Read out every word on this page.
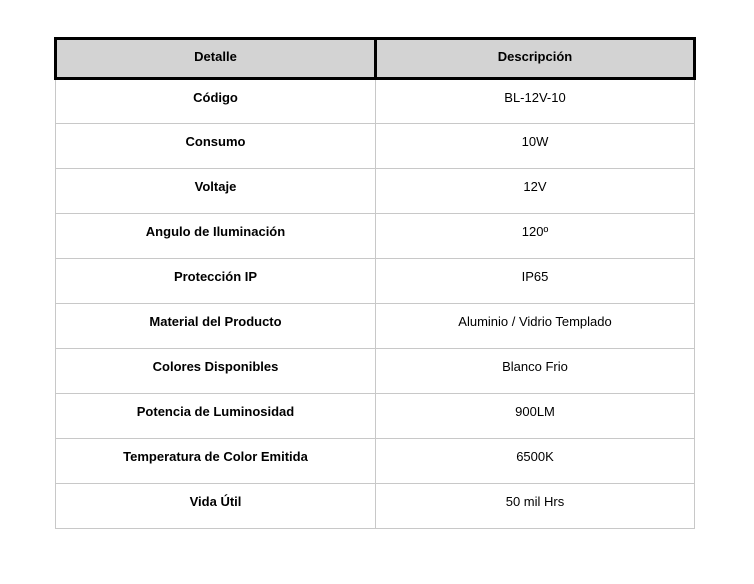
Detalle	Descripción
Código	BL-12V-10
Consumo	10W
Voltaje	12V
Angulo de Iluminación	120º
Protección IP	IP65
Material del Producto	Aluminio / Vidrio Templado
Colores Disponibles	Blanco Frio
Potencia de Luminosidad	900LM
Temperatura de Color Emitida	6500K
Vida Útil	50 mil Hrs
